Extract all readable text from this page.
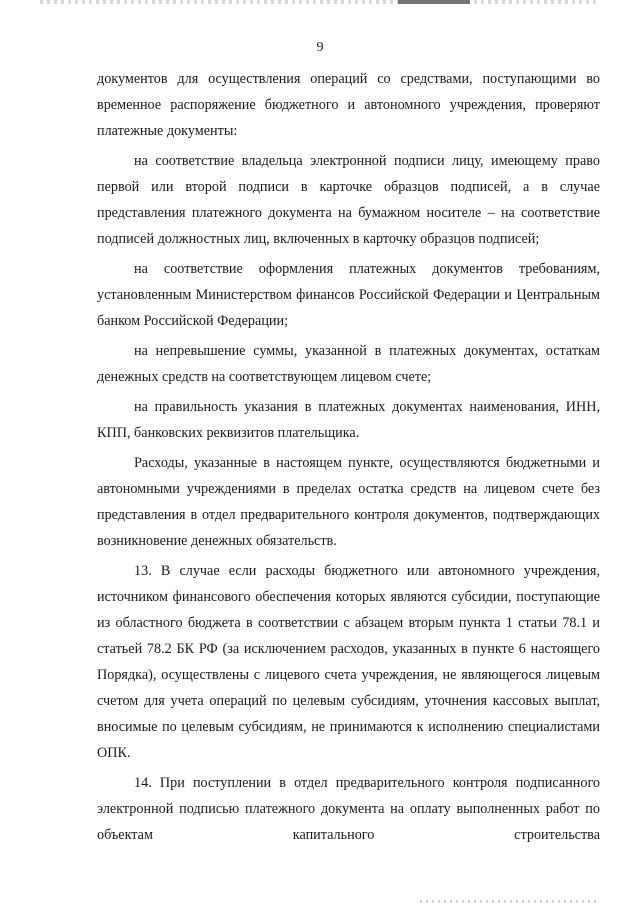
9

документов для осуществления операций со средствами, поступающими во временное распоряжение бюджетного и автономного учреждения, проверяют платежные документы:

на соответствие владельца электронной подписи лицу, имеющему право первой или второй подписи в карточке образцов подписей, а в случае представления платежного документа на бумажном носителе – на соответствие подписей должностных лиц, включенных в карточку образцов подписей;

на соответствие оформления платежных документов требованиям, установленным Министерством финансов Российской Федерации и Центральным банком Российской Федерации;

на непревышение суммы, указанной в платежных документах, остаткам денежных средств на соответствующем лицевом счете;

на правильность указания в платежных документах наименования, ИНН, КПП, банковских реквизитов плательщика.

Расходы, указанные в настоящем пункте, осуществляются бюджетными и автономными учреждениями в пределах остатка средств на лицевом счете без представления в отдел предварительного контроля документов, подтверждающих возникновение денежных обязательств.

13. В случае если расходы бюджетного или автономного учреждения, источником финансового обеспечения которых являются субсидии, поступающие из областного бюджета в соответствии с абзацем вторым пункта 1 статьи 78.1 и статьей 78.2 БК РФ (за исключением расходов, указанных в пункте 6 настоящего Порядка), осуществлены с лицевого счета учреждения, не являющегося лицевым счетом для учета операций по целевым субсидиям, уточнения кассовых выплат, вносимые по целевым субсидиям, не принимаются к исполнению специалистами ОПК.

14. При поступлении в отдел предварительного контроля подписанного электронной подписью платежного документа на оплату выполненных работ по объектам капитального строительства
